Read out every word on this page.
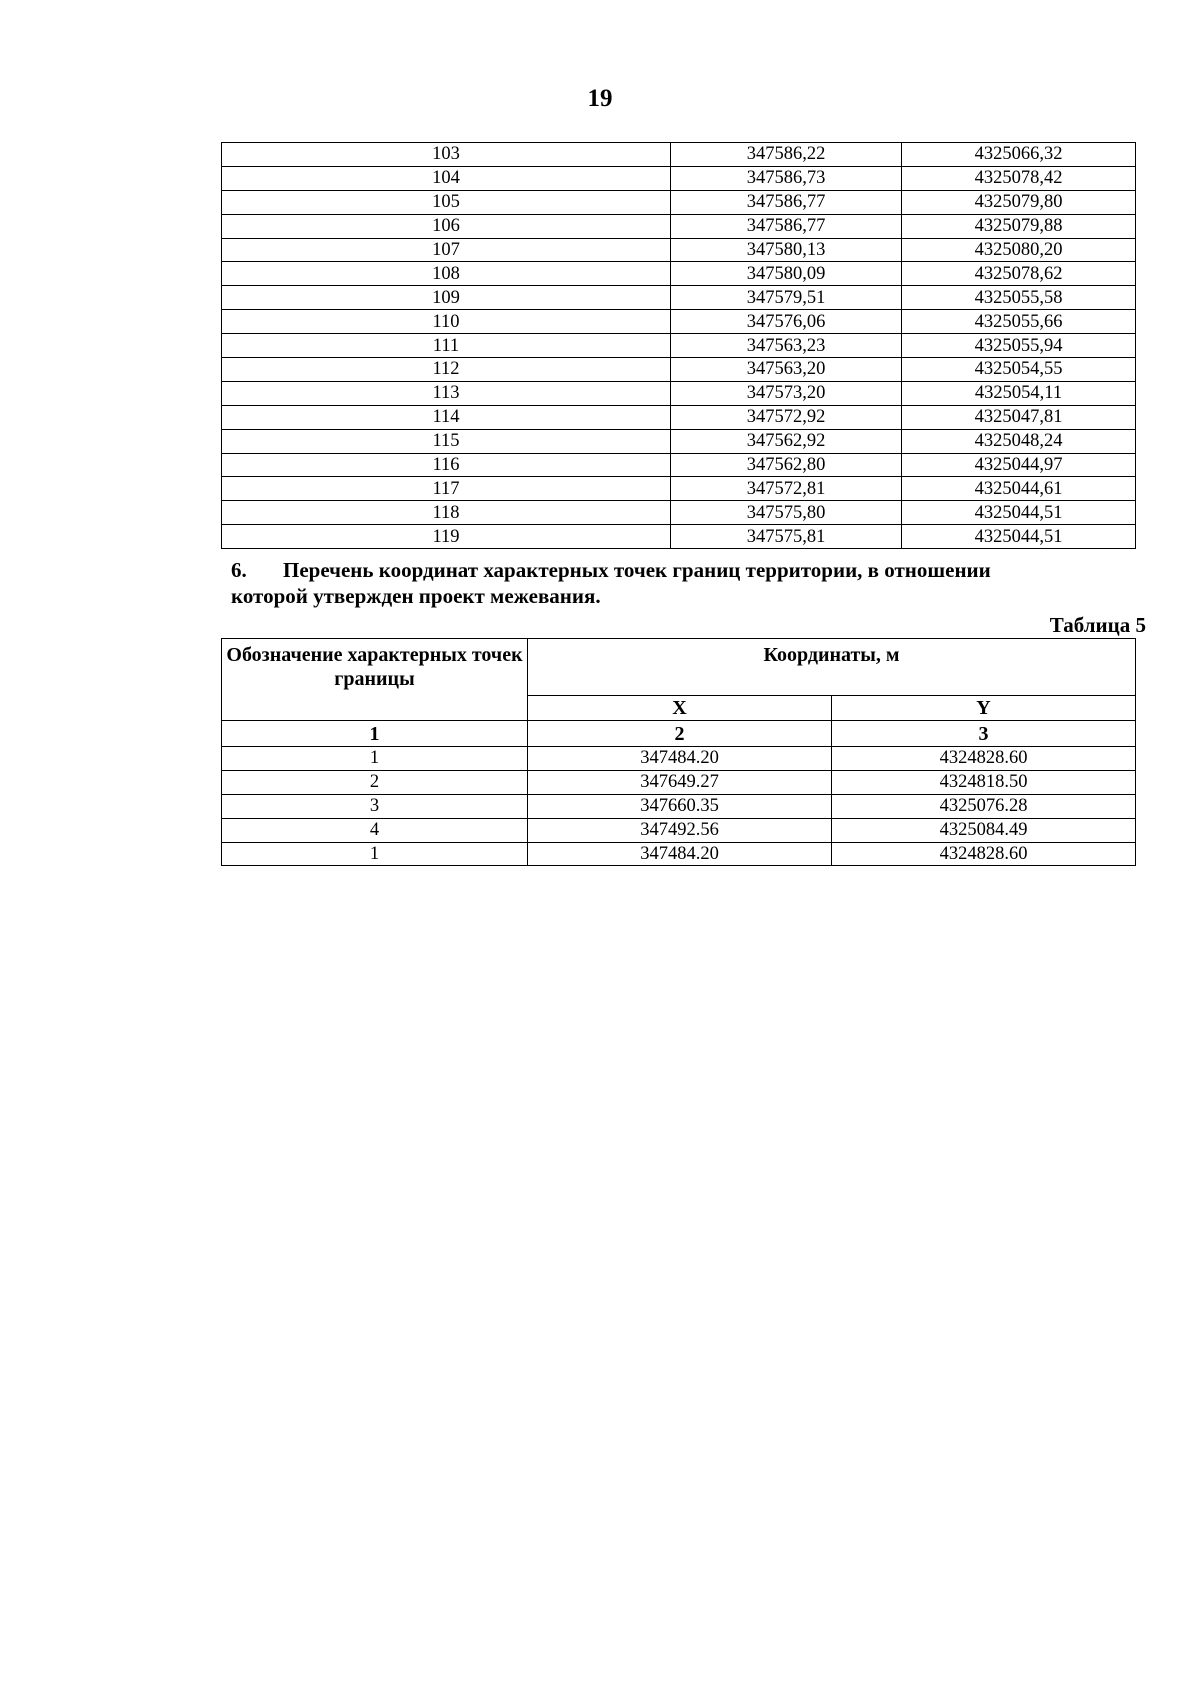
19
103	347586,22	4325066,32
104	347586,73	4325078,42
105	347586,77	4325079,80
106	347586,77	4325079,88
107	347580,13	4325080,20
108	347580,09	4325078,62
109	347579,51	4325055,58
110	347576,06	4325055,66
111	347563,23	4325055,94
112	347563,20	4325054,55
113	347573,20	4325054,11
114	347572,92	4325047,81
115	347562,92	4325048,24
116	347562,80	4325044,97
117	347572,81	4325044,61
118	347575,80	4325044,51
119	347575,81	4325044,51
6. Перечень координат характерных точек границ территории, в отношении
которой утвержден проект межевания.
Таблица 5
Обозначение характерных точек границы	Координаты, м	
	X	Y
1	2	3
1	347484.20	4324828.60
2	347649.27	4324818.50
3	347660.35	4325076.28
4	347492.56	4325084.49
1	347484.20	4324828.60
